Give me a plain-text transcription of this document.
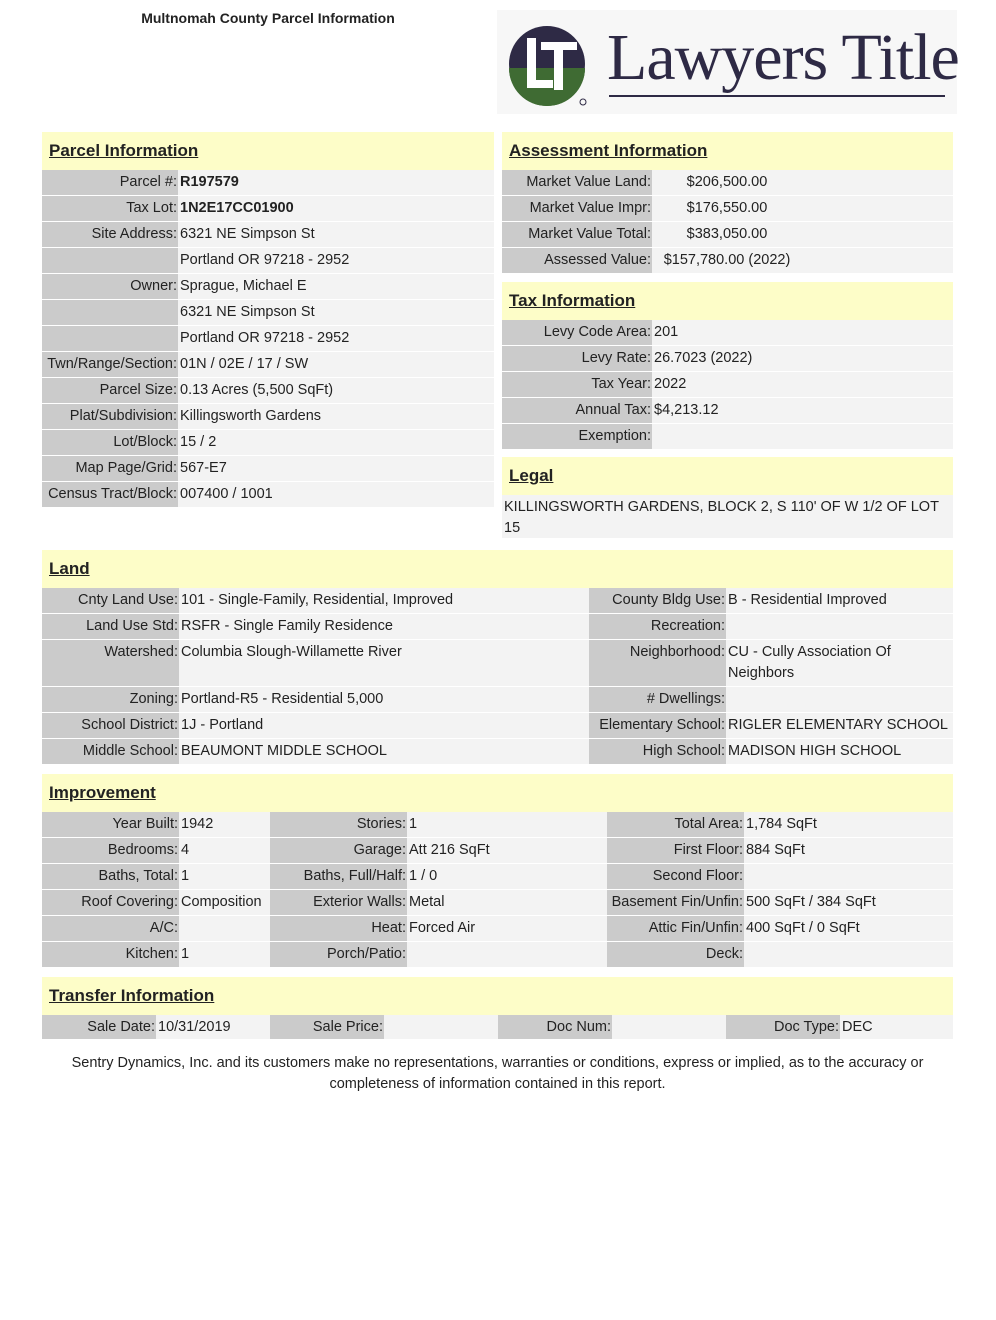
Multnomah County Parcel Information
Lawyers Title
Parcel Information
Parcel #: R197579
Tax Lot: 1N2E17CC01900
Site Address: 6321 NE Simpson St
Portland OR 97218 - 2952
Owner: Sprague, Michael E
6321 NE Simpson St
Portland OR 97218 - 2952
Twn/Range/Section: 01N / 02E / 17 / SW
Parcel Size: 0.13 Acres (5,500 SqFt)
Plat/Subdivision: Killingsworth Gardens
Lot/Block: 15 / 2
Map Page/Grid: 567-E7
Census Tract/Block: 007400 / 1001
Assessment Information
Market Value Land:	$206,500.00
Market Value Impr:	$176,550.00
Market Value Total:	$383,050.00
Assessed Value: $157,780.00 (2022)
Tax Information
Levy Code Area: 201
Levy Rate: 26.7023 (2022)
Tax Year: 2022
Annual Tax: $4,213.12
Exemption:
Legal
KILLINGSWORTH GARDENS, BLOCK 2, S 110' OF W 1/2 OF LOT 15
Land
Cnty Land Use: 101 - Single-Family, Residential, Improved	County Bldg Use: B - Residential Improved
Land Use Std: RSFR - Single Family Residence	Recreation:
Watershed: Columbia Slough-Willamette River	Neighborhood: CU - Cully Association Of Neighbors
Zoning: Portland-R5 - Residential 5,000	# Dwellings:
School District: 1J - Portland	Elementary School: RIGLER ELEMENTARY SCHOOL
Middle School: BEAUMONT MIDDLE SCHOOL	High School: MADISON HIGH SCHOOL
Improvement
Year Built: 1942	Stories: 1	Total Area: 1,784 SqFt
Bedrooms: 4	Garage: Att 216 SqFt	First Floor: 884 SqFt
Baths, Total: 1	Baths, Full/Half: 1 / 0	Second Floor:
Roof Covering: Composition	Exterior Walls: Metal	Basement Fin/Unfin: 500 SqFt / 384 SqFt
A/C:	Heat: Forced Air	Attic Fin/Unfin: 400 SqFt / 0 SqFt
Kitchen: 1	Porch/Patio:	Deck:
Transfer Information
Sale Date: 10/31/2019	Sale Price:	Doc Num:	Doc Type: DEC
Sentry Dynamics, Inc. and its customers make no representations, warranties or conditions, express or implied, as to the accuracy or
completeness of information contained in this report.
